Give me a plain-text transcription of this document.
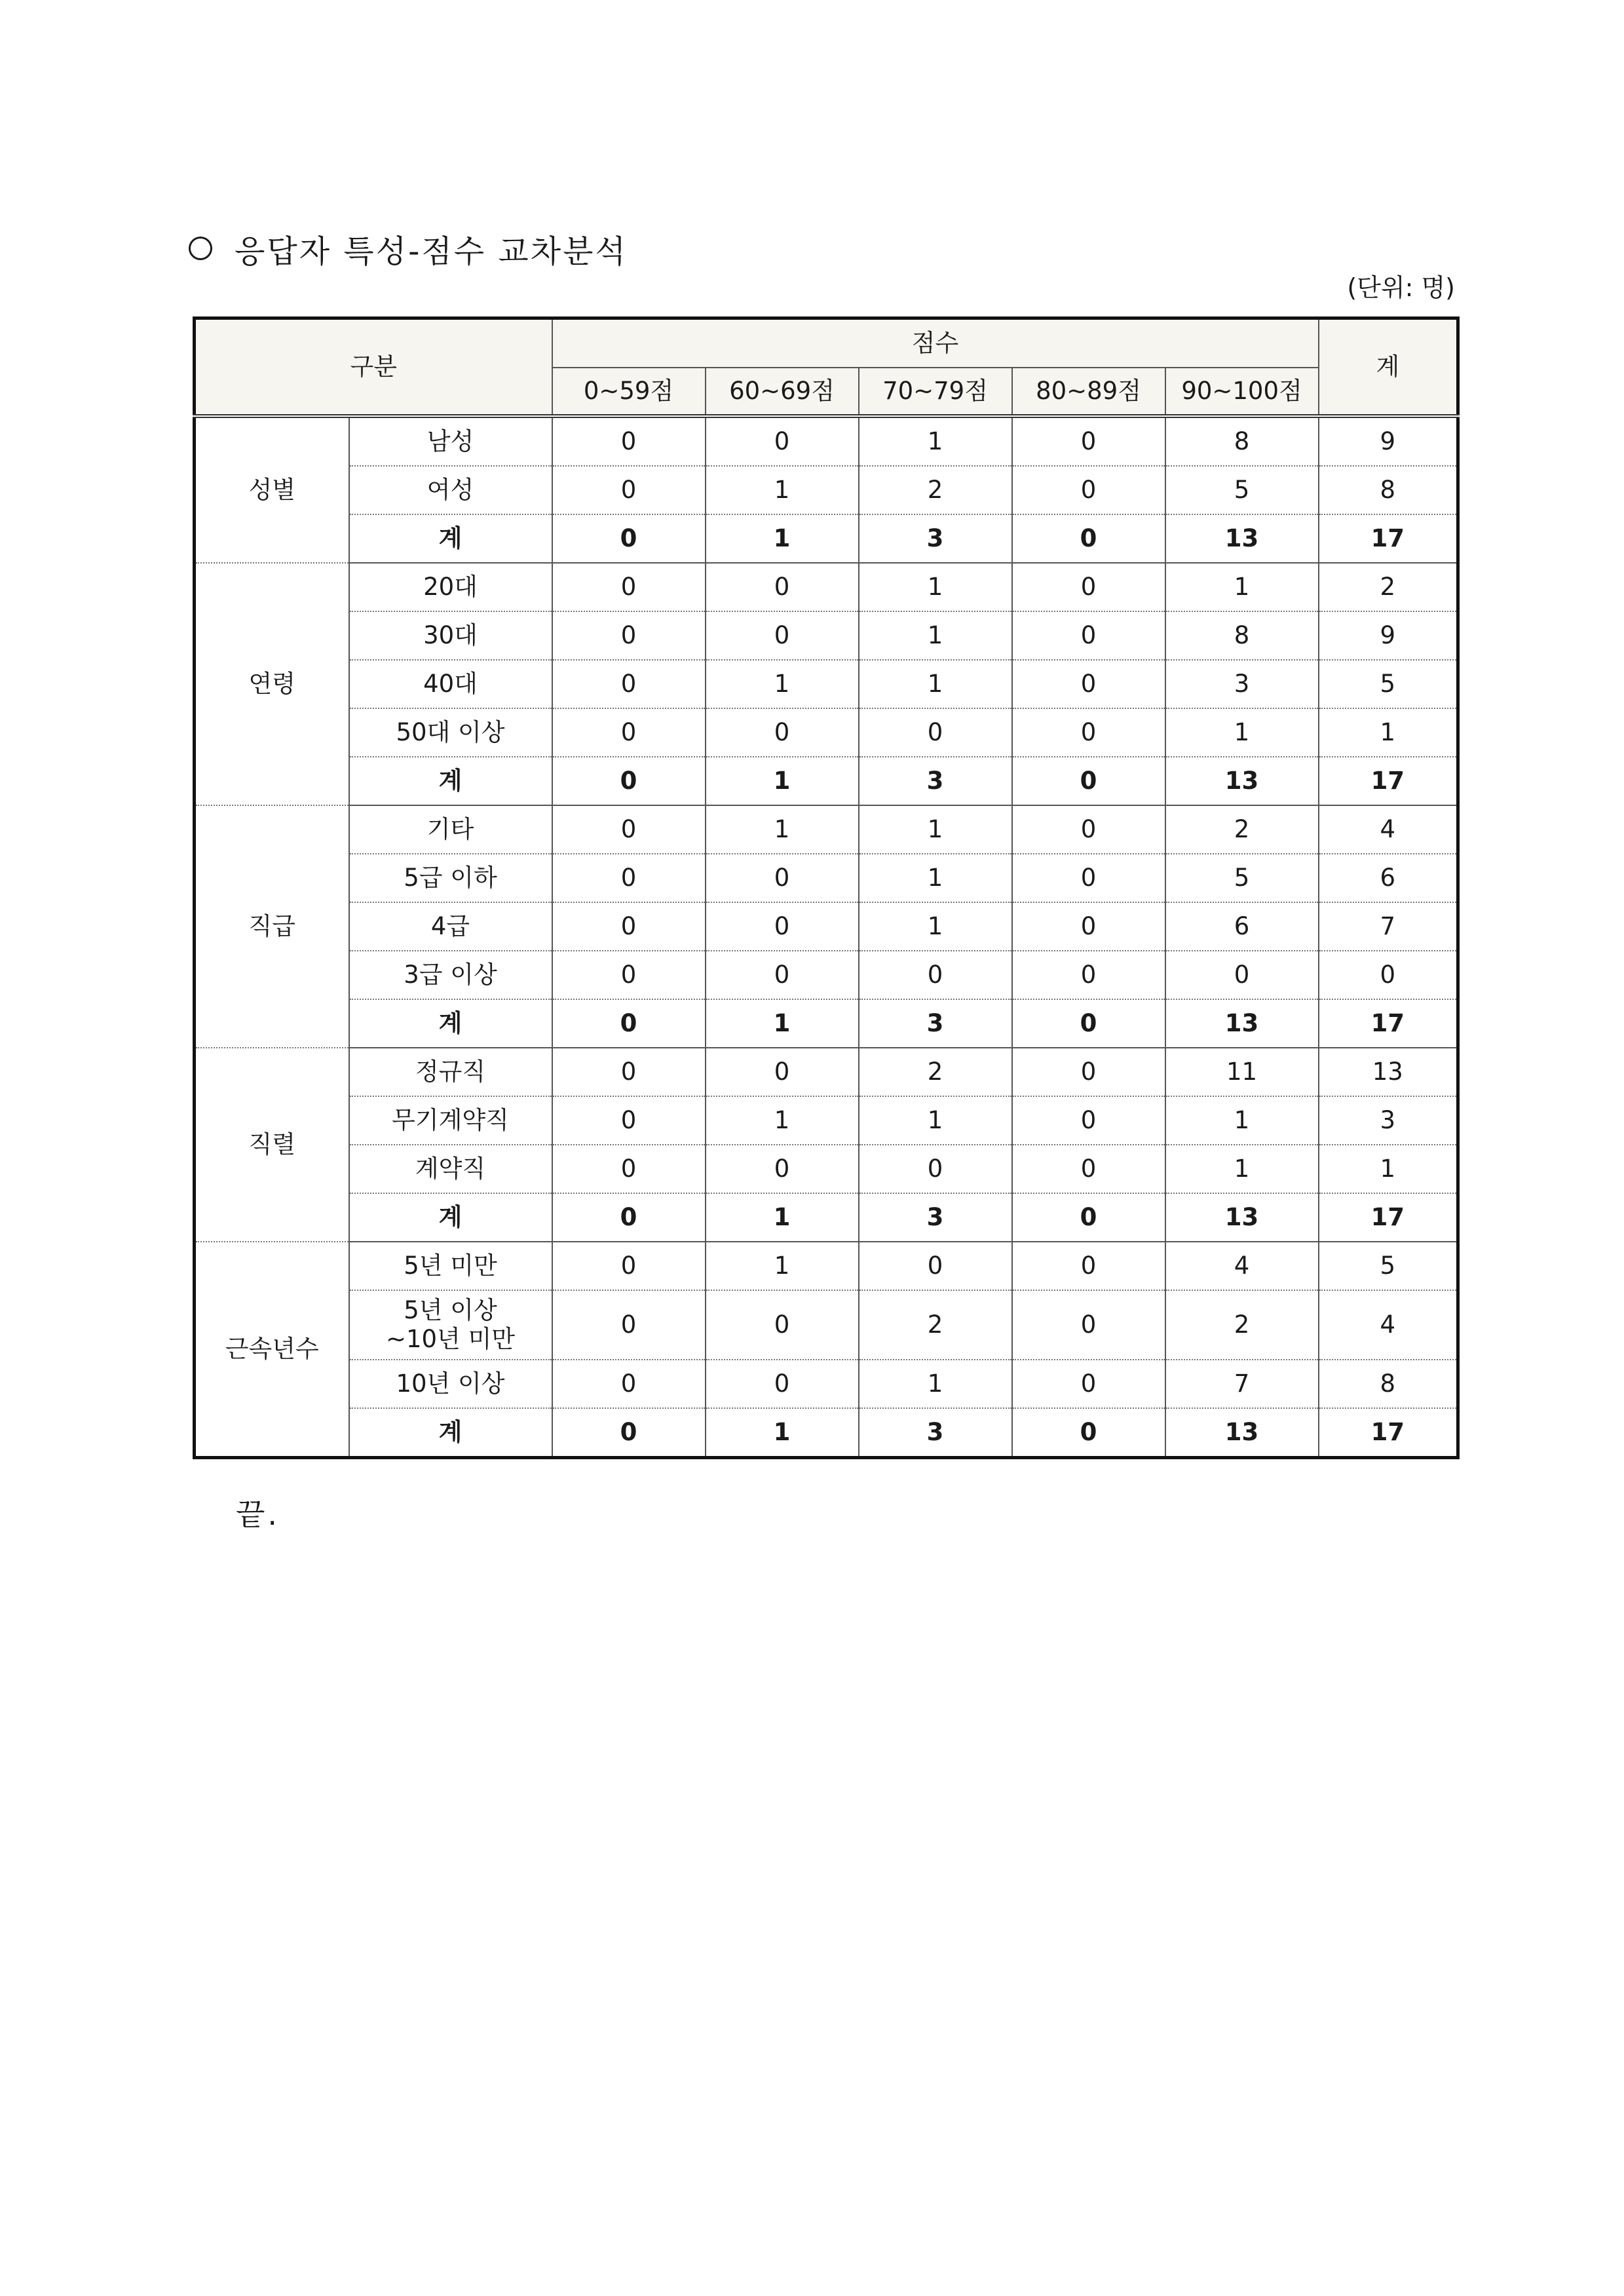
응답자 특성-점수 교차분석
(단위: 명)
구분		점수					계
		0~59점	60~69점	70~79점	80~89점	90~100점	
성별	남성	0	0	1	0	8	9
	여성	0	1	2	0	5	8
	계	0	1	3	0	13	17
연령	20대	0	0	1	0	1	2
	30대	0	0	1	0	8	9
	40대	0	1	1	0	3	5
	50대 이상	0	0	0	0	1	1
	계	0	1	3	0	13	17
직급	기타	0	1	1	0	2	4
	5급 이하	0	0	1	0	5	6
	4급	0	0	1	0	6	7
	3급 이상	0	0	0	0	0	0
	계	0	1	3	0	13	17
직렬	정규직	0	0	2	0	11	13
	무기계약직	0	1	1	0	1	3
	계약직	0	0	0	0	1	1
	계	0	1	3	0	13	17
근속년수	5년 미만	0	1	0	0	4	5
	5년 이상
~10년 미만	0	0	2	0	2	4
	10년 이상	0	0	1	0	7	8
	계	0	1	3	0	13	17
끝.
